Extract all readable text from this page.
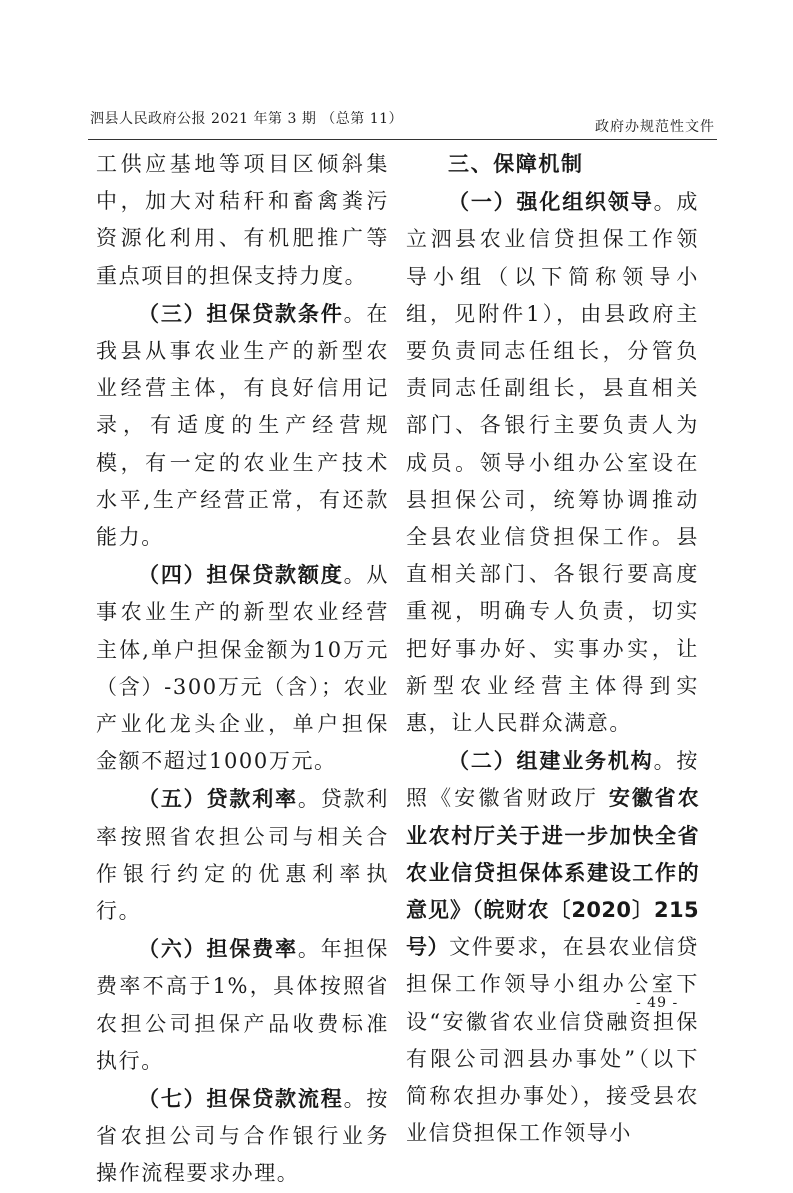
泗县人民政府公报 2021 年第 3 期 （总第 11）	政府办规范性文件

工供应基地等项目区倾斜集中，加大对秸秆和畜禽粪污资源化利用、有机肥推广等重点项目的担保支持力度。

（三）担保贷款条件。在我县从事农业生产的新型农业经营主体，有良好信用记录，有适度的生产经营规模，有一定的农业生产技术水平,生产经营正常，有还款能力。

（四）担保贷款额度。从事农业生产的新型农业经营主体,单户担保金额为10万元（含）-300万元（含）；农业产业化龙头企业，单户担保金额不超过1000万元。

（五）贷款利率。贷款利率按照省农担公司与相关合作银行约定的优惠利率执行。

（六）担保费率。年担保费率不高于1%，具体按照省农担公司担保产品收费标准执行。

（七）担保贷款流程。按省农担公司与合作银行业务操作流程要求办理。

三、保障机制

（一）强化组织领导。成立泗县农业信贷担保工作领导小组（以下简称领导小组，见附件1），由县政府主要负责同志任组长，分管负责同志任副组长，县直相关部门、各银行主要负责人为成员。领导小组办公室设在县担保公司，统筹协调推动全县农业信贷担保工作。县直相关部门、各银行要高度重视，明确专人负责，切实把好事办好、实事办实，让新型农业经营主体得到实惠，让人民群众满意。

（二）组建业务机构。按照《安徽省财政厅 安徽省农业农村厅关于进一步加快全省农业信贷担保体系建设工作的意见》（皖财农〔2020〕215号）文件要求，在县农业信贷担保工作领导小组办公室下设“安徽省农业信贷融资担保有限公司泗县办事处”（以下简称农担办事处），接受县农业信贷担保工作领导小

- 49 -
